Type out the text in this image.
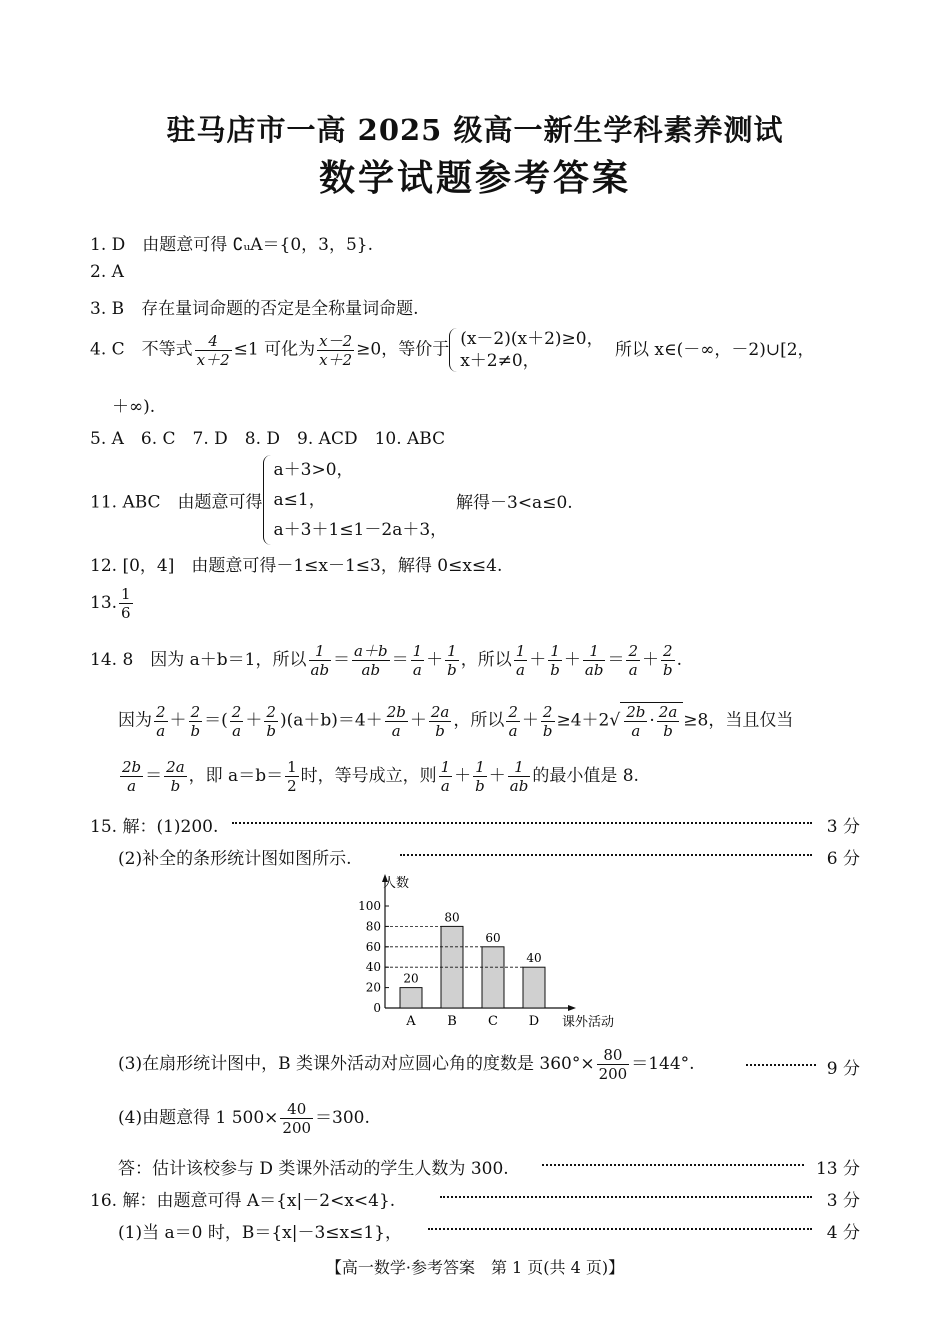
驻马店市一高 2025 级高一新生学科素养测试
数学试题参考答案
1. D　由题意可得 ∁ᵤA＝{0，3，5}.
2. A
3. B　存在量词命题的否定是全称量词命题.
4. C　不等式 $\frac{4}{x+2} \le 1$ 可化为 $\frac{x-2}{x+2} \ge 0$，等价于
(x－2)(x＋2)≥0，
x＋2≠0，
所以 x∈(－∞，－2)∪[2，
＋∞).
5. A　6. C　7. D　8. D　9. ACD　10. ABC
11. ABC　由题意可得
a＋3>0，
a≤1，
a＋3＋1≤1－2a＋3，
解得－3<a≤0.
12. [0，4]　由题意可得－1≤x－1≤3，解得 0≤x≤4.
13. $\frac{1}{6}$
14. 8　因为 a＋b＝1，所以 $\frac{1}{ab} = \frac{a+b}{ab} = \frac{1}{a} + \frac{1}{b}$ ，所以 $\frac{1}{a} + \frac{1}{b} + \frac{1}{ab} = \frac{2}{a} + \frac{2}{b}$ .
因为 $\frac{2}{a} + \frac{2}{b}$ ＝( $\frac{2}{a} + \frac{2}{b} )(a+b)=4+ \frac{2b}{a} + \frac{2a}{b}$ ，所以 $\frac{2}{a} + \frac{2}{b} \ge 4+2√ \frac{2b}{a} \cdot \frac{2a}{b} \ge 8$，当且仅当
$\frac{2b}{a} = \frac{2a}{b}$ ，即 $a=b= \frac{1}{2}$ 时，等号成立，则 $\frac{1}{a} + \frac{1}{b} + \frac{1}{ab}$ 的最小值是 8.
15. 解：(1)200.	3 分
(2)补全的条形统计图如图所示.	6 分
人数
课外活动
0
20
40
60
80
100
20
A
80
B
60
C
40
D
(3)在扇形统计图中，B 类课外活动对应圆心角的度数是 $360^\circ\times \frac{80}{200} =144^\circ$.	9 分
(4)由题意得 1 $500\times \frac{40}{200} =300$.
答：估计该校参与 D 类课外活动的学生人数为 300.	13 分
16. 解：由题意可得 A＝{x|－2<x<4}.	3 分
(1)当 a＝0 时，B＝{x|－3≤x≤1}，	4 分
【高一数学·参考答案　第 1 页(共 4 页)】
